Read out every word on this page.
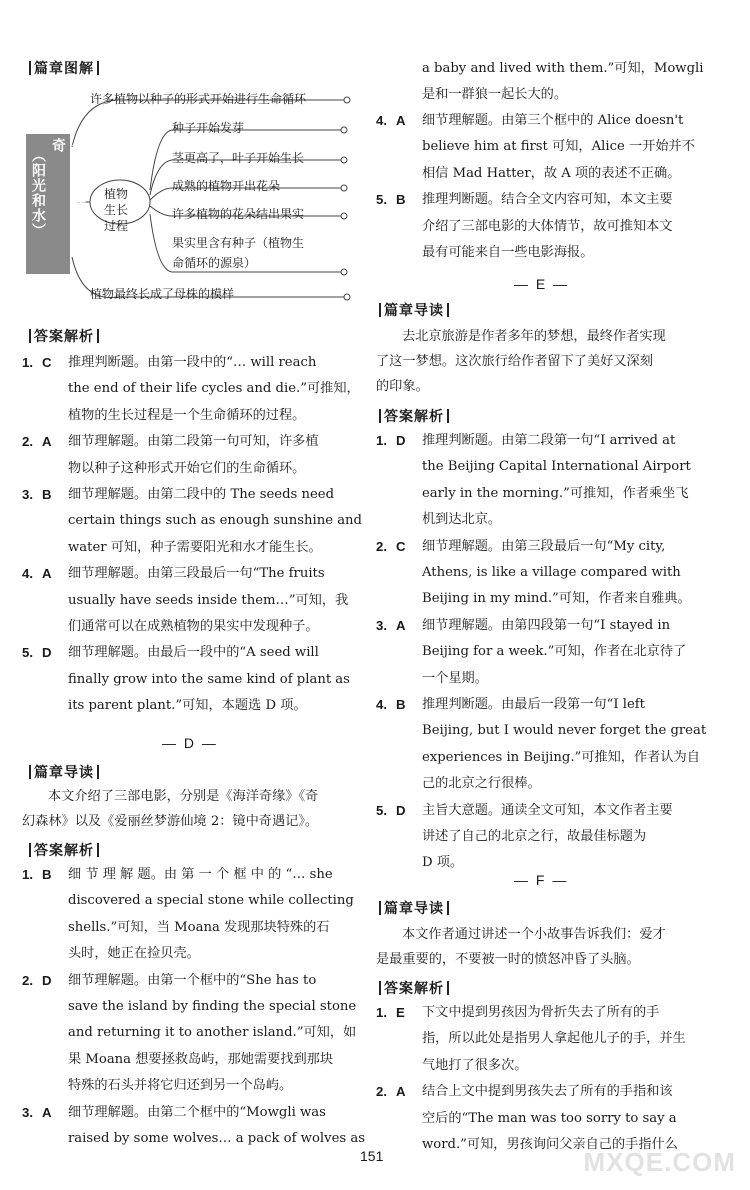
篇章图解
生命循环往复的神奇
（阳光和水）	植物生长过程
许多植物以种子的形式开始进行生命循环
种子开始发芽
茎更高了，叶子开始生长
成熟的植物开出花朵
许多植物的花朵结出果实
果实里含有种子（植物生
命循环的源泉）
植物最终长成了母株的模样
答案解析
1. C 推理判断题。由第一段中的“… will reach
the end of their life cycles and die.”可推知，
植物的生长过程是一个生命循环的过程。
2. A 细节理解题。由第二段第一句可知，许多植
物以种子这种形式开始它们的生命循环。
3. B 细节理解题。由第二段中的 The seeds need
certain things such as enough sunshine and
water 可知，种子需要阳光和水才能生长。
4. A 细节理解题。由第三段最后一句“The fruits
usually have seeds inside them…”可知，我
们通常可以在成熟植物的果实中发现种子。
5. D 细节理解题。由最后一段中的“A seed will
finally grow into the same kind of plant as
its parent plant.”可知，本题选 D 项。
— D —
篇章导读
本文介绍了三部电影，分别是《海洋奇缘》《奇
幻森林》以及《爱丽丝梦游仙境 2：镜中奇遇记》。
答案解析
1. B 细 节 理 解 题。由 第 一 个 框 中 的 “… she
discovered a special stone while collecting
shells.”可知，当 Moana 发现那块特殊的石
头时，她正在捡贝壳。
2. D 细节理解题。由第一个框中的“She has to
save the island by finding the special stone
and returning it to another island.”可知，如
果 Moana 想要拯救岛屿，那她需要找到那块
特殊的石头并将它归还到另一个岛屿。
3. A 细节理解题。由第二个框中的“Mowgli was
raised by some wolves… a pack of wolves as
a baby and lived with them.”可知，Mowgli
是和一群狼一起长大的。
4. A 细节理解题。由第三个框中的 Alice doesn't
believe him at first 可知，Alice 一开始并不
相信 Mad Hatter，故 A 项的表述不正确。
5. B 推理判断题。结合全文内容可知，本文主要
介绍了三部电影的大体情节，故可推知本文
最有可能来自一些电影海报。
— E —
篇章导读
去北京旅游是作者多年的梦想，最终作者实现
了这一梦想。这次旅行给作者留下了美好又深刻
的印象。
答案解析
1. D 推理判断题。由第二段第一句“I arrived at
the Beijing Capital International Airport
early in the morning.”可推知，作者乘坐飞
机到达北京。
2. C 细节理解题。由第三段最后一句“My city,
Athens, is like a village compared with
Beijing in my mind.”可知，作者来自雅典。
3. A 细节理解题。由第四段第一句“I stayed in
Beijing for a week.”可知，作者在北京待了
一个星期。
4. B 推理判断题。由最后一段第一句“I left
Beijing, but I would never forget the great
experiences in Beijing.”可推知，作者认为自
己的北京之行很棒。
5. D 主旨大意题。通读全文可知，本文作者主要
讲述了自己的北京之行，故最佳标题为
D 项。
— F —
篇章导读
本文作者通过讲述一个小故事告诉我们：爱才
是最重要的，不要被一时的愤怒冲昏了头脑。
答案解析
1. E 下文中提到男孩因为骨折失去了所有的手
指，所以此处是指男人拿起他儿子的手，并生
气地打了很多次。
2. A 结合上文中提到男孩失去了所有的手指和该
空后的“The man was too sorry to say a
word.”可知，男孩询问父亲自己的手指什么
151	MXQE.COM
